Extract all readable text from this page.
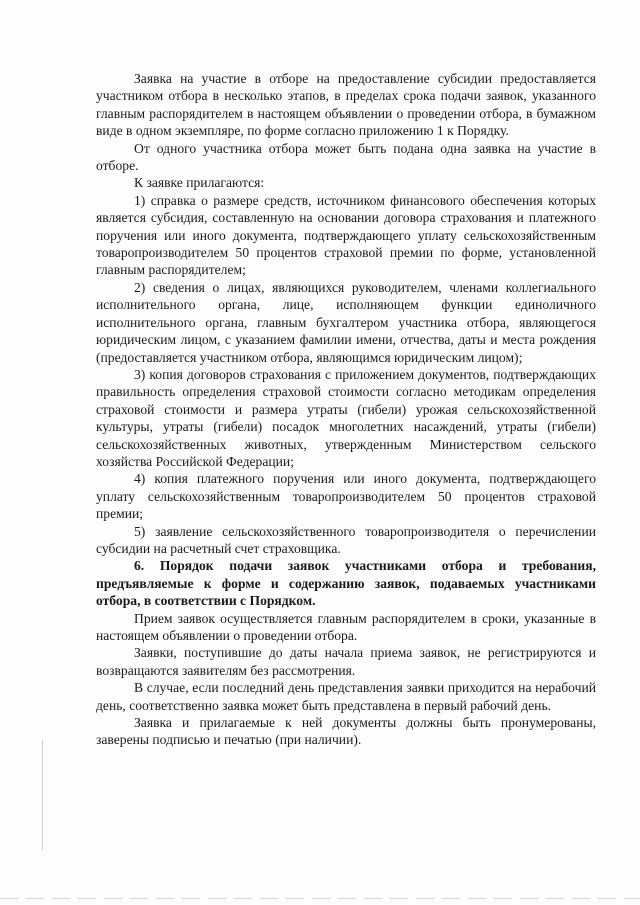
Заявка на участие в отборе на предоставление субсидии предоставляется участником отбора в несколько этапов, в пределах срока подачи заявок, указанного главным распорядителем в настоящем объявлении о проведении отбора, в бумажном виде в одном экземпляре, по форме согласно приложению 1 к Порядку.

От одного участника отбора может быть подана одна заявка на участие в отборе.

К заявке прилагаются:

1) справка о размере средств, источником финансового обеспечения которых является субсидия, составленную на основании договора страхования и платежного поручения или иного документа, подтверждающего уплату сельскохозяйственным товаропроизводителем 50 процентов страховой премии по форме, установленной главным распорядителем;

2) сведения о лицах, являющихся руководителем, членами коллегиального исполнительного органа, лице, исполняющем функции единоличного исполнительного органа, главным бухгалтером участника отбора, являющегося юридическим лицом, с указанием фамилии имени, отчества, даты и места рождения (предоставляется участником отбора, являющимся юридическим лицом);

3) копия договоров страхования с приложением документов, подтверждающих правильность определения страховой стоимости согласно методикам определения страховой стоимости и размера утраты (гибели) урожая сельскохозяйственной культуры, утраты (гибели) посадок многолетних насаждений, утраты (гибели) сельскохозяйственных животных, утвержденным Министерством сельского хозяйства Российской Федерации;

4) копия платежного поручения или иного документа, подтверждающего уплату сельскохозяйственным товаропроизводителем 50 процентов страховой премии;

5) заявление сельскохозяйственного товаропроизводителя о перечислении субсидии на расчетный счет страховщика.

6. Порядок подачи заявок участниками отбора и требования, предъявляемые к форме и содержанию заявок, подаваемых участниками отбора, в соответствии с Порядком.

Прием заявок осуществляется главным распорядителем в сроки, указанные в настоящем объявлении о проведении отбора.

Заявки, поступившие до даты начала приема заявок, не регистрируются и возвращаются заявителям без рассмотрения.

В случае, если последний день представления заявки приходится на нерабочий день, соответственно заявка может быть представлена в первый рабочий день.

Заявка и прилагаемые к ней документы должны быть пронумерованы, заверены подписью и печатью (при наличии).
